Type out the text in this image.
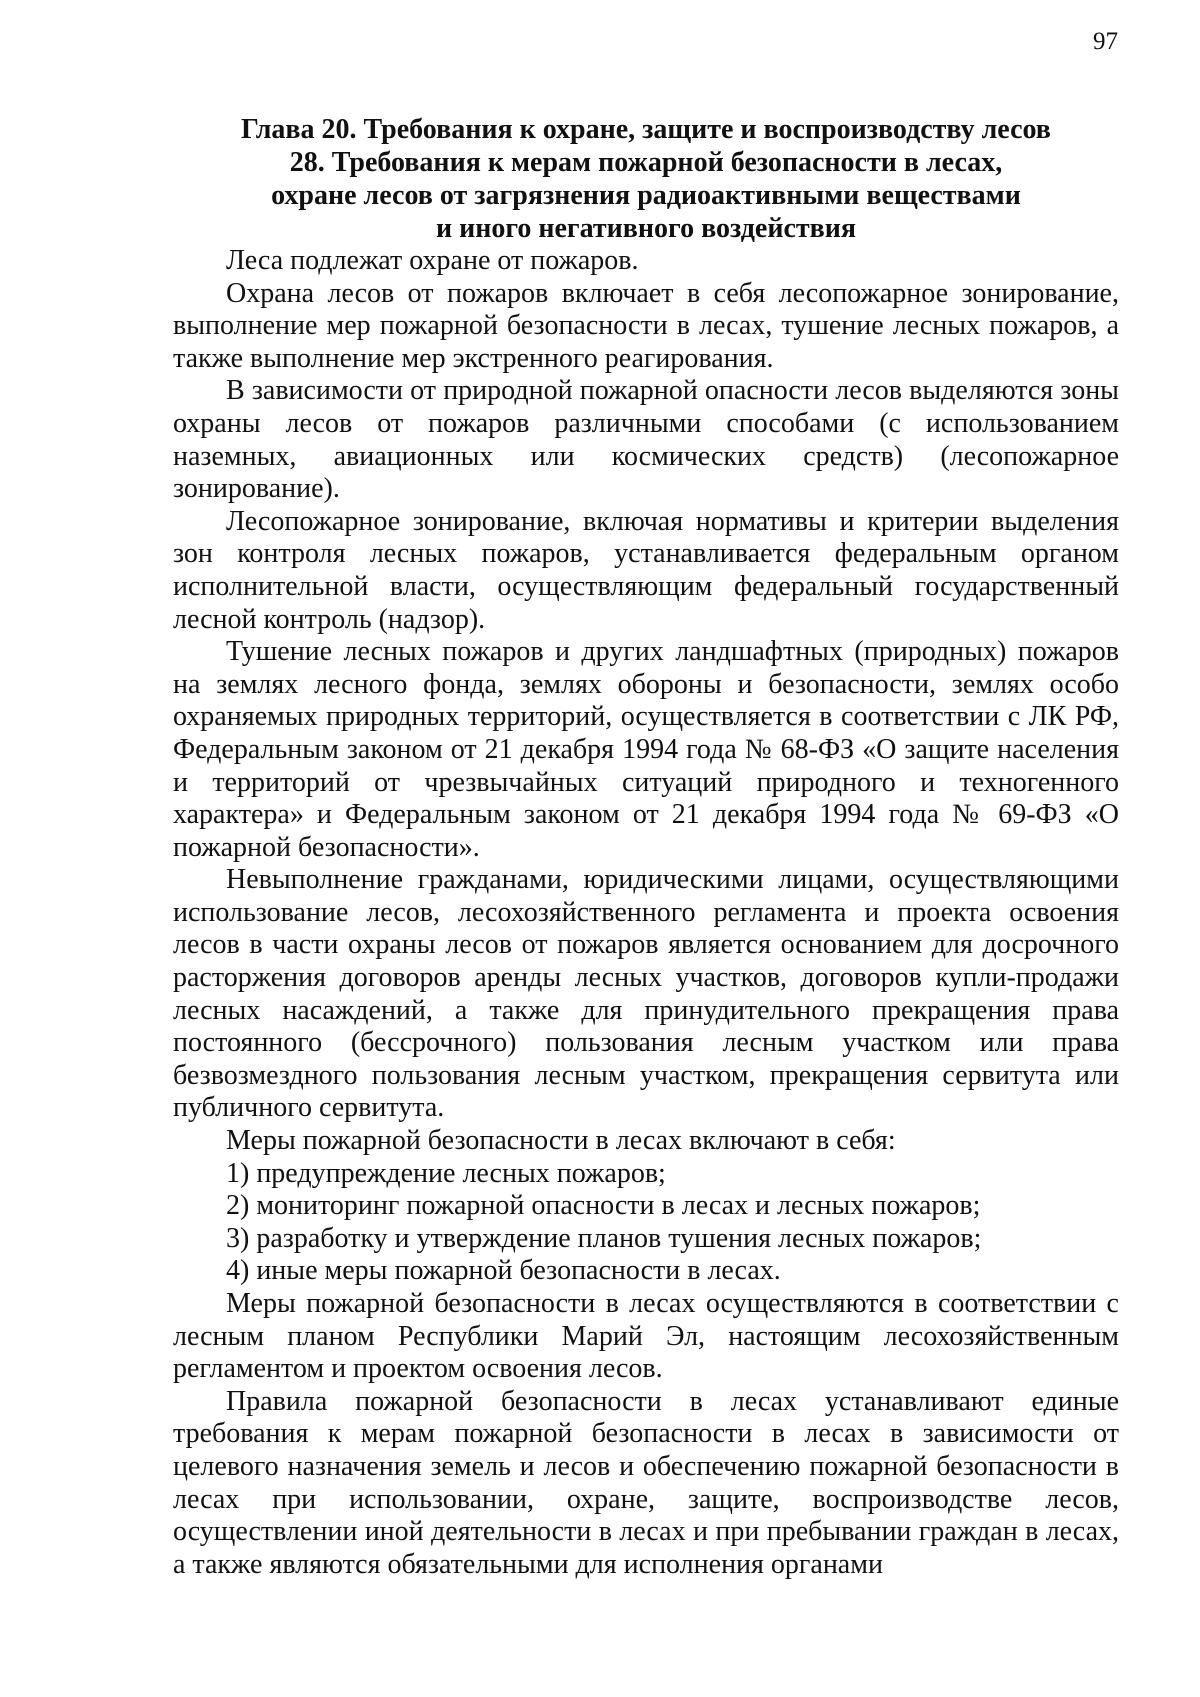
97
Глава 20. Требования к охране, защите и воспроизводству лесов
28. Требования к мерам пожарной безопасности в лесах,
охране лесов от загрязнения радиоактивными веществами
и иного негативного воздействия

Леса подлежат охране от пожаров.

Охрана лесов от пожаров включает в себя лесопожарное зонирование, выполнение мер пожарной безопасности в лесах, тушение лесных пожаров, а также выполнение мер экстренного реагирования.

В зависимости от природной пожарной опасности лесов выделяются зоны охраны лесов от пожаров различными способами (с использованием наземных, авиационных или космических средств) (лесопожарное зонирование).

Лесопожарное зонирование, включая нормативы и критерии выделения зон контроля лесных пожаров, устанавливается федеральным органом исполнительной власти, осуществляющим федеральный государственный лесной контроль (надзор).

Тушение лесных пожаров и других ландшафтных (природных) пожаров на землях лесного фонда, землях обороны и безопасности, землях особо охраняемых природных территорий, осуществляется в соответствии с ЛК РФ, Федеральным законом от 21 декабря 1994 года № 68-ФЗ «О защите населения и территорий от чрезвычайных ситуаций природного и техногенного характера» и Федеральным законом от 21 декабря 1994 года № 69-ФЗ «О пожарной безопасности».

Невыполнение гражданами, юридическими лицами, осуществляющими использование лесов, лесохозяйственного регламента и проекта освоения лесов в части охраны лесов от пожаров является основанием для досрочного расторжения договоров аренды лесных участков, договоров купли-продажи лесных насаждений, а также для принудительного прекращения права постоянного (бессрочного) пользования лесным участком или права безвозмездного пользования лесным участком, прекращения сервитута или публичного сервитута.

Меры пожарной безопасности в лесах включают в себя:

1) предупреждение лесных пожаров;

2) мониторинг пожарной опасности в лесах и лесных пожаров;

3) разработку и утверждение планов тушения лесных пожаров;

4) иные меры пожарной безопасности в лесах.

Меры пожарной безопасности в лесах осуществляются в соответствии с лесным планом Республики Марий Эл, настоящим лесохозяйственным регламентом и проектом освоения лесов.

Правила пожарной безопасности в лесах устанавливают единые требования к мерам пожарной безопасности в лесах в зависимости от целевого назначения земель и лесов и обеспечению пожарной безопасности в лесах при использовании, охране, защите, воспроизводстве лесов, осуществлении иной деятельности в лесах и при пребывании граждан в лесах, а также являются обязательными для исполнения органами
